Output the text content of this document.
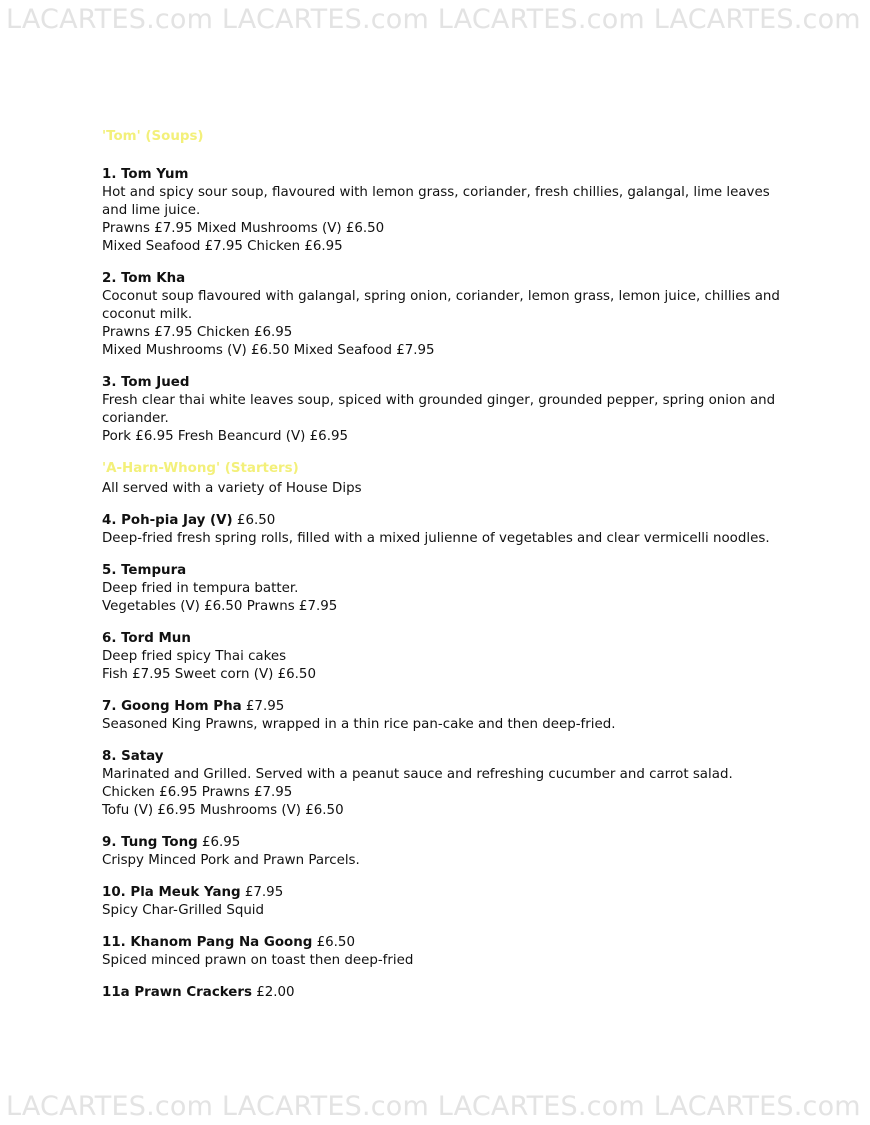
LACARTES.com LACARTES.com LACARTES.com LACARTES.com
'Tom' (Soups)
1. Tom Yum
Hot and spicy sour soup, flavoured with lemon grass, coriander, fresh chillies, galangal, lime leaves and lime juice.
Prawns £7.95 Mixed Mushrooms (V) £6.50
Mixed Seafood £7.95 Chicken £6.95
2. Tom Kha
Coconut soup flavoured with galangal, spring onion, coriander, lemon grass, lemon juice, chillies and coconut milk.
Prawns £7.95 Chicken £6.95
Mixed Mushrooms (V) £6.50 Mixed Seafood £7.95
3. Tom Jued
Fresh clear thai white leaves soup, spiced with grounded ginger, grounded pepper, spring onion and coriander.
Pork £6.95 Fresh Beancurd (V) £6.95
'A-Harn-Whong' (Starters)
All served with a variety of House Dips
4. Poh-pia Jay (V) £6.50
Deep-fried fresh spring rolls, filled with a mixed julienne of vegetables and clear vermicelli noodles.
5. Tempura
Deep fried in tempura batter.
Vegetables (V) £6.50 Prawns £7.95
6. Tord Mun
Deep fried spicy Thai cakes
Fish £7.95 Sweet corn (V) £6.50
7. Goong Hom Pha £7.95
Seasoned King Prawns, wrapped in a thin rice pan-cake and then deep-fried.
8. Satay
Marinated and Grilled. Served with a peanut sauce and refreshing cucumber and carrot salad.
Chicken £6.95 Prawns £7.95
Tofu (V) £6.95 Mushrooms (V) £6.50
9. Tung Tong £6.95
Crispy Minced Pork and Prawn Parcels.
10. Pla Meuk Yang £7.95
Spicy Char-Grilled Squid
11. Khanom Pang Na Goong £6.50
Spiced minced prawn on toast then deep-fried
11a Prawn Crackers £2.00
LACARTES.com LACARTES.com LACARTES.com LACARTES.com
